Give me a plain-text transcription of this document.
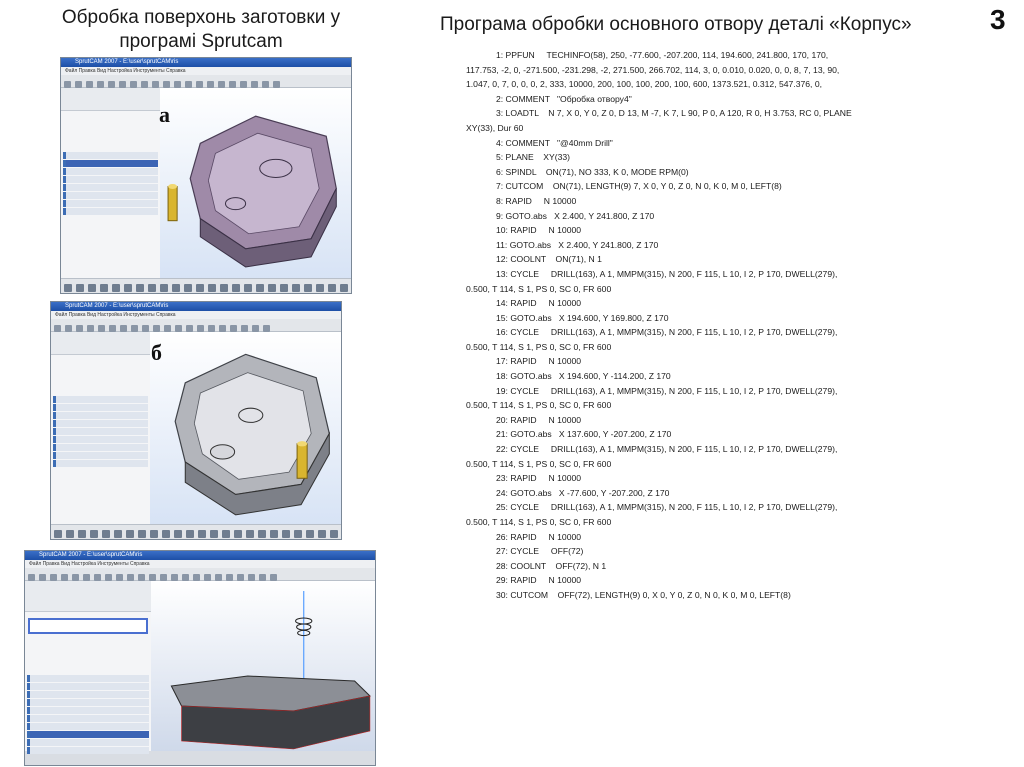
Обробка поверхонь заготовки у програмі Sprutcam
Програма обробки основного отвору деталі «Корпус»	3
SprutCAM 2007 - E:\user\sprutCAM\ris
Файл Правка Вид Настройка Инструменты Справка
а
SprutCAM 2007 - E:\user\sprutCAM\ris
Файл Правка Вид Настройка Инструменты Справка
б
SprutCAM 2007 - E:\user\sprutCAM\ris
Файл Правка Вид Настройка Инструменты Справка
1: PPFUN     TECHINFO(58), 250, -77.600, -207.200, 114, 194.600, 241.800, 170, 170,
117.753, -2, 0, -271.500, -231.298, -2, 271.500, 266.702, 114, 3, 0, 0.010, 0.020, 0, 0, 8, 7, 13, 90,
1.047, 0, 7, 0, 0, 0, 2, 333, 10000, 200, 100, 100, 200, 100, 600, 1373.521, 0.312, 547.376, 0,
2: COMMENT   "Обробка отвору4"
3: LOADTL    N 7, X 0, Y 0, Z 0, D 13, M -7, K 7, L 90, P 0, A 120, R 0, H 3.753, RC 0, PLANE
XY(33), Dur 60
4: COMMENT   "@40mm Drill"
5: PLANE    XY(33)
6: SPINDL    ON(71), NO 333, K 0, MODE RPM(0)
7: CUTCOM    ON(71), LENGTH(9) 7, X 0, Y 0, Z 0, N 0, K 0, M 0, LEFT(8)
8: RAPID     N 10000
9: GOTO.abs   X 2.400, Y 241.800, Z 170
10: RAPID     N 10000
11: GOTO.abs   X 2.400, Y 241.800, Z 170
12: COOLNT    ON(71), N 1
13: CYCLE     DRILL(163), A 1, MMPM(315), N 200, F 115, L 10, I 2, P 170, DWELL(279),
0.500, T 114, S 1, PS 0, SC 0, FR 600
14: RAPID     N 10000
15: GOTO.abs   X 194.600, Y 169.800, Z 170
16: CYCLE     DRILL(163), A 1, MMPM(315), N 200, F 115, L 10, I 2, P 170, DWELL(279),
0.500, T 114, S 1, PS 0, SC 0, FR 600
17: RAPID     N 10000
18: GOTO.abs   X 194.600, Y -114.200, Z 170
19: CYCLE     DRILL(163), A 1, MMPM(315), N 200, F 115, L 10, I 2, P 170, DWELL(279),
0.500, T 114, S 1, PS 0, SC 0, FR 600
20: RAPID     N 10000
21: GOTO.abs   X 137.600, Y -207.200, Z 170
22: CYCLE     DRILL(163), A 1, MMPM(315), N 200, F 115, L 10, I 2, P 170, DWELL(279),
0.500, T 114, S 1, PS 0, SC 0, FR 600
23: RAPID     N 10000
24: GOTO.abs   X -77.600, Y -207.200, Z 170
25: CYCLE     DRILL(163), A 1, MMPM(315), N 200, F 115, L 10, I 2, P 170, DWELL(279),
0.500, T 114, S 1, PS 0, SC 0, FR 600
26: RAPID     N 10000
27: CYCLE     OFF(72)
28: COOLNT    OFF(72), N 1
29: RAPID     N 10000
30: CUTCOM    OFF(72), LENGTH(9) 0, X 0, Y 0, Z 0, N 0, K 0, M 0, LEFT(8)
